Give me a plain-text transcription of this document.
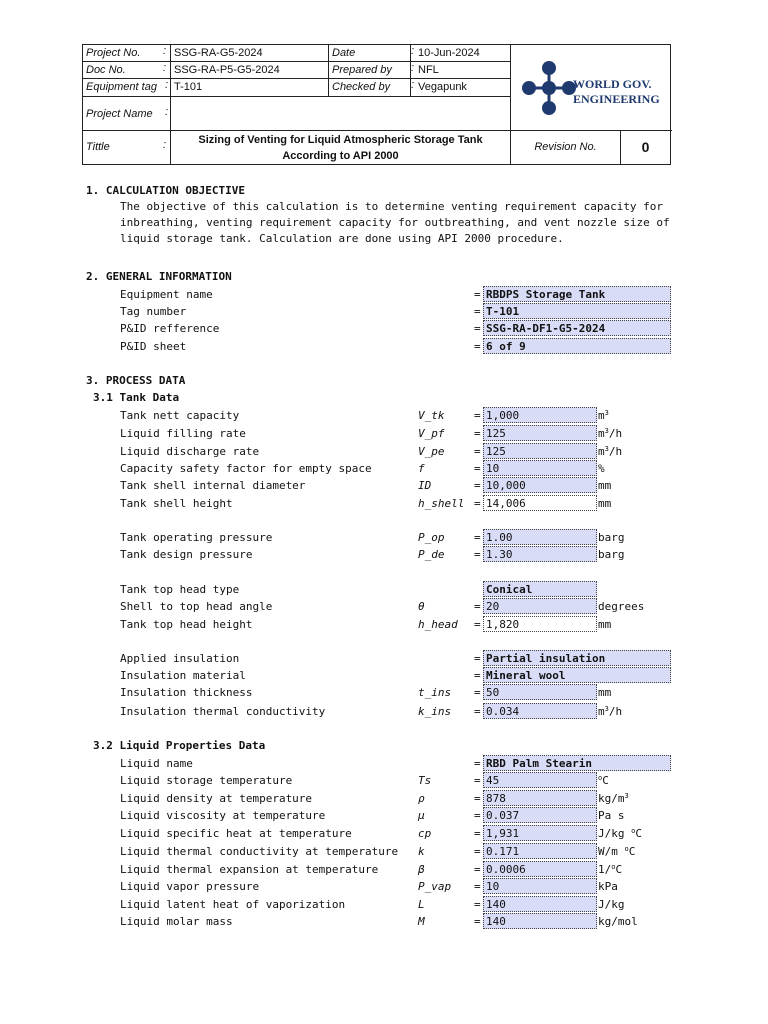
Project No.	: SSG-RA-G5-2024	Date	: 10-Jun-2024
Doc No.	: SSG-RA-P5-G5-2024	Prepared by	: NFL
Equipment tag : T-101	Checked by	: Vegapunk
Project Name	:
WORLD GOV.
ENGINEERING
Tittle	:	Sizing of Venting for Liquid Atmospheric Storage Tank According to API 2000
Revision No.	0
1. CALCULATION OBJECTIVE
The objective of this calculation is to determine venting requirement capacity for
inbreathing, venting requirement capacity for outbreathing, and vent nozzle size of
liquid storage tank. Calculation are done using API 2000 procedure.
2. GENERAL INFORMATION
Equipment name	= RBDPS Storage Tank
Tag number	= T-101
P&ID refference	= SSG-RA-DF1-G5-2024
P&ID sheet	= 6 of 9
3. PROCESS DATA
3.1 Tank Data
Tank nett capacity	V_tk	= 1,000	$m^3$
Liquid filling rate	V_pf	= 125	$m^3/h$
Liquid discharge rate	V_pe	= 125	$m^3/h$
Capacity safety factor for empty space	f	= 10	%
Tank shell internal diameter	ID	= 10,000	mm
Tank shell height	h_shell = 14,006	mm
Tank operating pressure	P_op	= 1.00	barg
Tank design pressure	P_de	= 1.30	barg
Tank top head type	Conical
Shell to top head angle	θ	= 20	degrees
Tank top head height	h_head = 1,820	mm
Applied insulation	= Partial insulation
Insulation material	= Mineral wool
Insulation thickness	t_ins = 50	mm
Insulation thermal conductivity	k_ins = 0.034	$m^3/h$
3.2 Liquid Properties Data
Liquid name	= RBD Palm Stearin
Liquid storage temperature	Ts	= 45	$^o$C
Liquid density at temperature	ρ	= 878	$kg/m^3$
Liquid viscosity at temperature	μ	= 0.037	Pa s
Liquid specific heat at temperature	cp	= 1,931	J/kg $^o$C
Liquid thermal conductivity at temperature k	= 0.171	W/m $^o$C
Liquid thermal expansion at temperature	β	= 0.0006	1/$^o$C
Liquid vapor pressure	P_vap = 10	kPa
Liquid latent heat of vaporization	L	= 140	J/kg
Liquid molar mass	M	= 140	kg/mol
